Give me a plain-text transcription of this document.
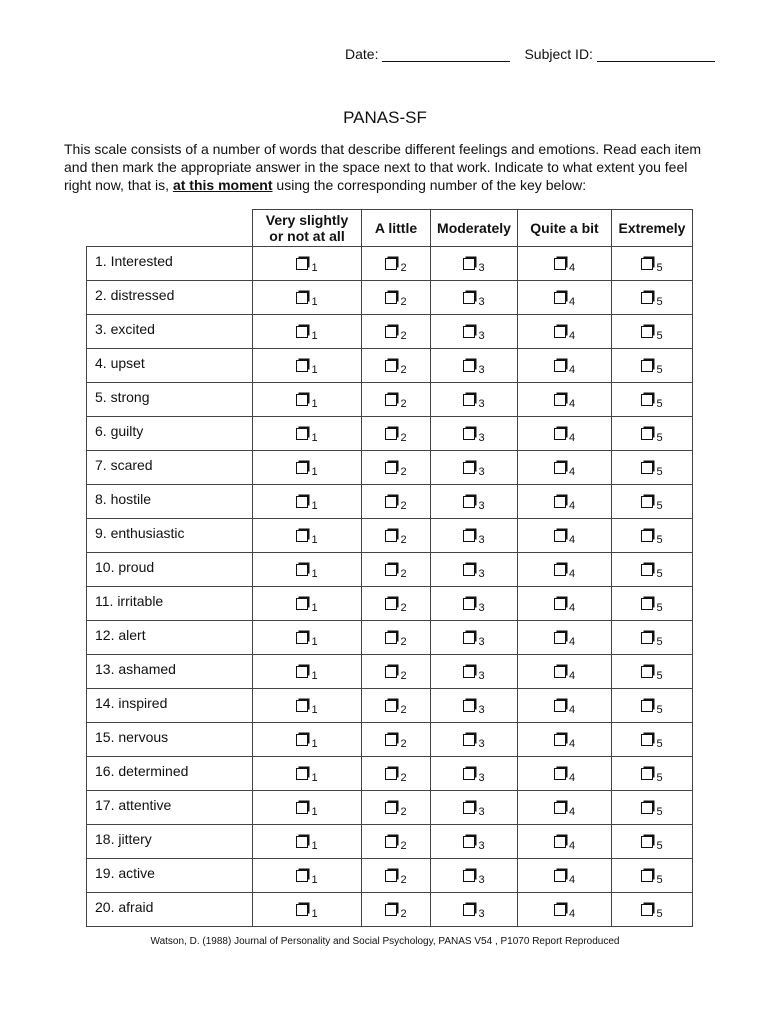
Date:	Subject ID:
PANAS-SF
This scale consists of a number of words that describe different feelings and emotions. Read each item and then mark the appropriate answer in the space next to that work. Indicate to what extent you feel right now, that is, at this moment using the corresponding number of the key below:
	Very slightly
or not at all	A little	Moderately	Quite a bit	Extremely
1. Interested	1	2	3	4	5

2. distressed	1	2	3	4	5

3. excited	1	2	3	4	5

4. upset	1	2	3	4	5

5. strong	1	2	3	4	5

6. guilty	1	2	3	4	5

7. scared	1	2	3	4	5

8. hostile	1	2	3	4	5

9. enthusiastic	1	2	3	4	5

10. proud	1	2	3	4	5

11. irritable	1	2	3	4	5

12. alert	1	2	3	4	5

13. ashamed	1	2	3	4	5

14. inspired	1	2	3	4	5

15. nervous	1	2	3	4	5

16. determined	1	2	3	4	5

17. attentive	1	2	3	4	5

18. jittery	1	2	3	4	5

19. active	1	2	3	4	5

20. afraid	1	2	3	4	5
Watson, D. (1988) Journal of Personality and Social Psychology, PANAS V54 , P1070 Report Reproduced
